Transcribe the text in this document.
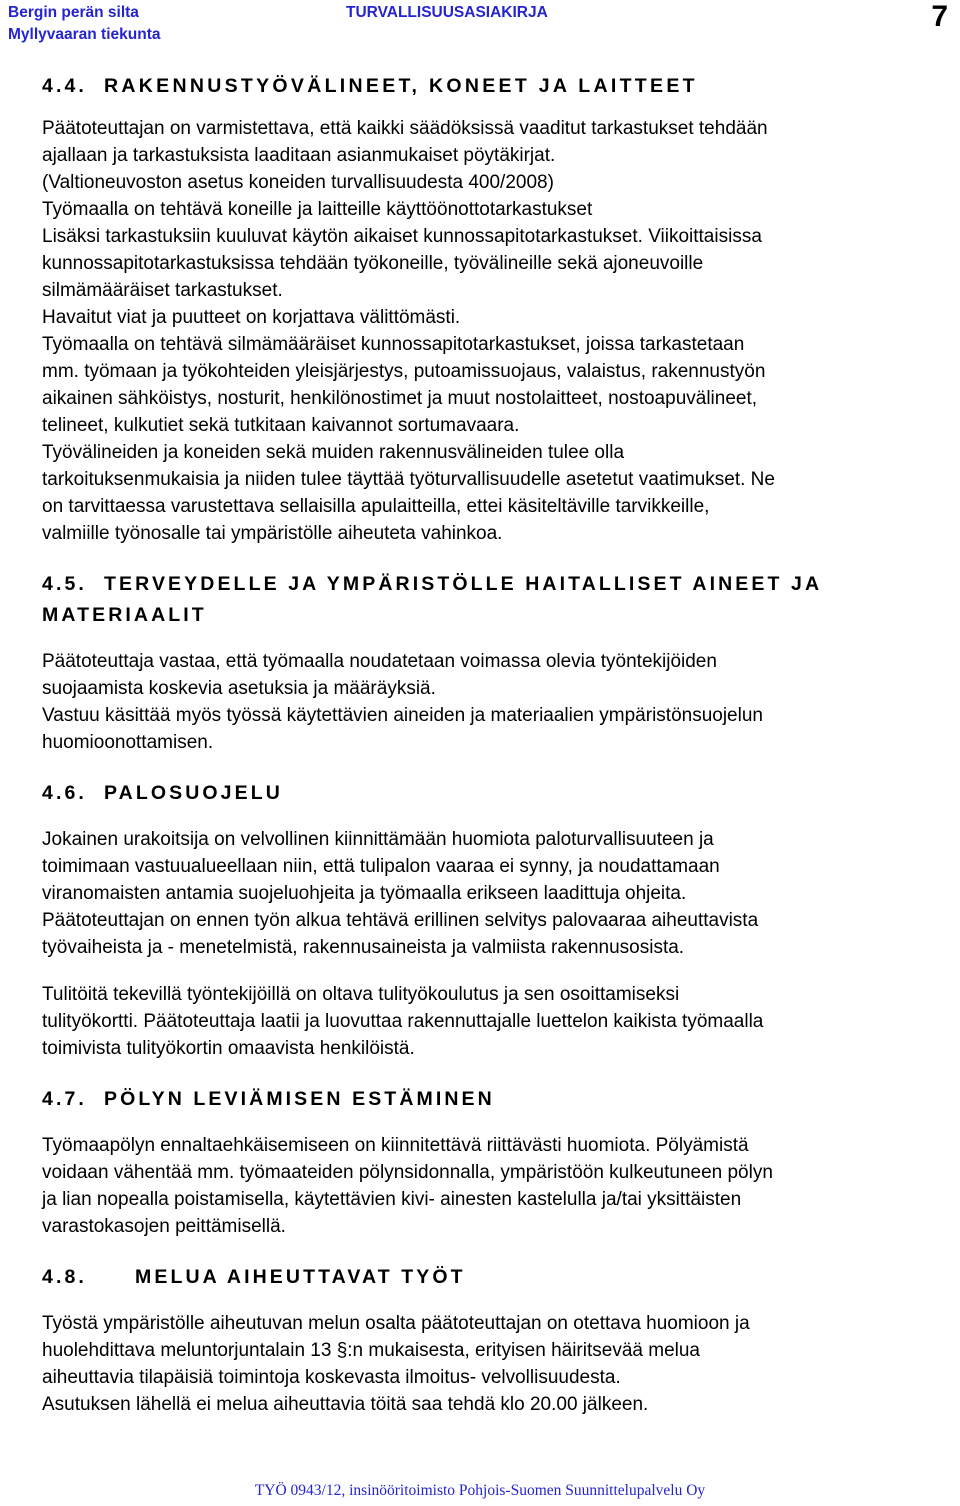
Bergin perän silta
Myllyvaaran tiekunta
TURVALLISUUSASIAKIRJA	7
4.4. RAKENNUSTYÖVÄLINEET, KONEET JA LAITTEET

Päätoteuttajan on varmistettava, että kaikki säädöksissä vaaditut tarkastukset tehdään

ajallaan ja tarkastuksista laaditaan asianmukaiset pöytäkirjat.

(Valtioneuvoston asetus koneiden turvallisuudesta 400/2008)

Työmaalla on tehtävä koneille ja laitteille käyttöönottotarkastukset

Lisäksi tarkastuksiin kuuluvat käytön aikaiset kunnossapitotarkastukset. Viikoittaisissa

kunnossapitotarkastuksissa tehdään työkoneille, työvälineille sekä ajoneuvoille

silmämääräiset tarkastukset.

Havaitut viat ja puutteet on korjattava välittömästi.

Työmaalla on tehtävä silmämääräiset kunnossapitotarkastukset, joissa tarkastetaan

mm. työmaan ja työkohteiden yleisjärjestys, putoamissuojaus, valaistus, rakennustyön

aikainen sähköistys, nosturit, henkilönostimet ja muut nostolaitteet, nostoapuvälineet,

telineet, kulkutiet sekä tutkitaan kaivannot sortumavaara.

Työvälineiden ja koneiden sekä muiden rakennusvälineiden tulee olla

tarkoituksenmukaisia ja niiden tulee täyttää työturvallisuudelle asetetut vaatimukset. Ne

on tarvittaessa varustettava sellaisilla apulaitteilla, ettei käsiteltäville tarvikkeille,

valmiille työnosalle tai ympäristölle aiheuteta vahinkoa.

4.5. TERVEYDELLE JA YMPÄRISTÖLLE HAITALLISET AINEET JA
MATERIAALIT

Päätoteuttaja vastaa, että työmaalla noudatetaan voimassa olevia työntekijöiden

suojaamista koskevia asetuksia ja määräyksiä.

Vastuu käsittää myös työssä käytettävien aineiden ja materiaalien ympäristönsuojelun

huomioonottamisen.

4.6. PALOSUOJELU

Jokainen urakoitsija on velvollinen kiinnittämään huomiota paloturvallisuuteen ja

toimimaan vastuualueellaan niin, että tulipalon vaaraa ei synny, ja noudattamaan

viranomaisten antamia suojeluohjeita ja työmaalla erikseen laadittuja ohjeita.

Päätoteuttajan on ennen työn alkua tehtävä erillinen selvitys palovaaraa aiheuttavista

työvaiheista ja - menetelmistä, rakennusaineista ja valmiista rakennusosista.

Tulitöitä tekevillä työntekijöillä on oltava tulityökoulutus ja sen osoittamiseksi

tulityökortti. Päätoteuttaja laatii ja luovuttaa rakennuttajalle luettelon kaikista työmaalla

toimivista tulityökortin omaavista henkilöistä.

4.7. PÖLYN LEVIÄMISEN ESTÄMINEN

Työmaapölyn ennaltaehkäisemiseen on kiinnitettävä riittävästi huomiota. Pölyämistä

voidaan vähentää mm. työmaateiden pölynsidonnalla, ympäristöön kulkeutuneen pölyn

ja lian nopealla poistamisella, käytettävien kivi- ainesten kastelulla ja/tai yksittäisten

varastokasojen peittämisellä.

4.8.	MELUA AIHEUTTAVAT TYÖT

Työstä ympäristölle aiheutuvan melun osalta päätoteuttajan on otettava huomioon ja

huolehdittava meluntorjuntalain 13 §:n mukaisesta, erityisen häiritsevää melua

aiheuttavia tilapäisiä toimintoja koskevasta ilmoitus- velvollisuudesta.

Asutuksen lähellä ei melua aiheuttavia töitä saa tehdä klo 20.00 jälkeen.

TYÖ 0943/12, insinööritoimisto Pohjois-Suomen Suunnittelupalvelu Oy
